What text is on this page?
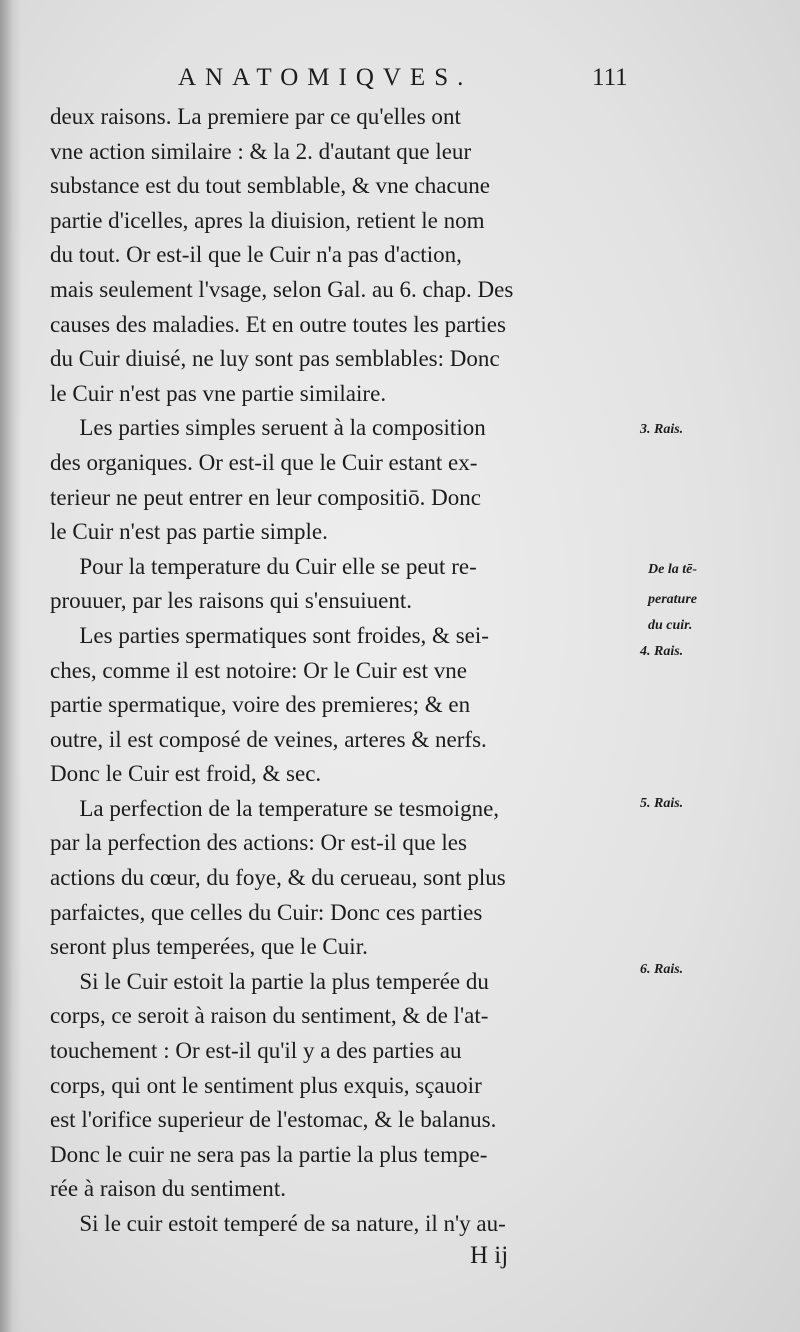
ANATOMIQVES.	111
deux raisons. La premiere par ce qu'elles ont
vne action similaire : & la 2. d'autant que leur
substance est du tout semblable, & vne chacune
partie d'icelles, apres la diuision, retient le nom
du tout. Or est-il que le Cuir n'a pas d'action,
mais seulement l'vsage, selon Gal. au 6. chap. Des
causes des maladies. Et en outre toutes les parties
du Cuir diuisé, ne luy sont pas semblables: Donc
le Cuir n'est pas vne partie similaire.
Les parties simples seruent à la composition
des organiques. Or est-il que le Cuir estant ex-
terieur ne peut entrer en leur compositiō. Donc
le Cuir n'est pas partie simple.
Pour la temperature du Cuir elle se peut re-
prouuer, par les raisons qui s'ensuiuent.
Les parties spermatiques sont froides, & sei-
ches, comme il est notoire: Or le Cuir est vne
partie spermatique, voire des premieres; & en
outre, il est composé de veines, arteres & nerfs.
Donc le Cuir est froid, & sec.
La perfection de la temperature se tesmoigne,
par la perfection des actions: Or est-il que les
actions du cœur, du foye, & du cerueau, sont plus
parfaictes, que celles du Cuir: Donc ces parties
seront plus temperées, que le Cuir.
Si le Cuir estoit la partie la plus temperée du
corps, ce seroit à raison du sentiment, & de l'at-
touchement : Or est-il qu'il y a des parties au
corps, qui ont le sentiment plus exquis, sçauoir
est l'orifice superieur de l'estomac, & le balanus.
Donc le cuir ne sera pas la partie la plus tempe-
rée à raison du sentiment.
Si le cuir estoit temperé de sa nature, il n'y au-
3. Rais.
De la tē-
perature
du cuir.
4. Rais.
5. Rais.
6. Rais.
H ij
